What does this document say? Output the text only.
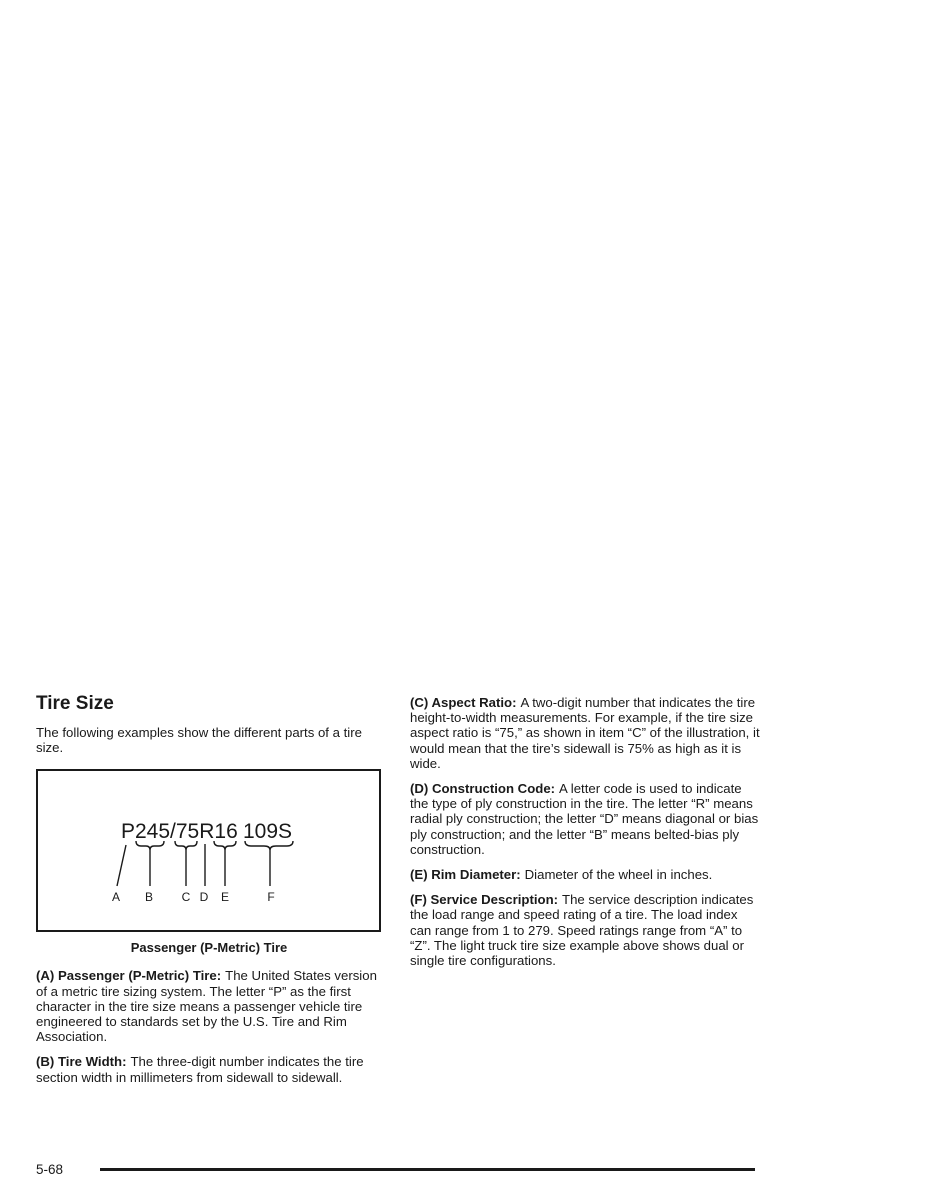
Tire Size

The following examples show the different parts of a tire size.

P245/75R16 109S
A B C D E	F
Passenger (P-Metric) Tire

(A) Passenger (P-Metric) Tire: The United States version of a metric tire sizing system. The letter “P” as the first character in the tire size means a passenger vehicle tire engineered to standards set by the U.S. Tire and Rim Association.

(B) Tire Width: The three-digit number indicates the tire section width in millimeters from sidewall to sidewall.

(C) Aspect Ratio: A two-digit number that indicates the tire height-to-width measurements. For example, if the tire size aspect ratio is “75,” as shown in item “C” of the illustration, it would mean that the tire’s sidewall is 75% as high as it is wide.

(D) Construction Code: A letter code is used to indicate the type of ply construction in the tire. The letter “R” means radial ply construction; the letter “D” means diagonal or bias ply construction; and the letter “B” means belted-bias ply construction.

(E) Rim Diameter: Diameter of the wheel in inches.

(F) Service Description: The service description indicates the load range and speed rating of a tire. The load index can range from 1 to 279. Speed ratings range from “A” to “Z”. The light truck tire size example above shows dual or single tire configurations.

5-68
